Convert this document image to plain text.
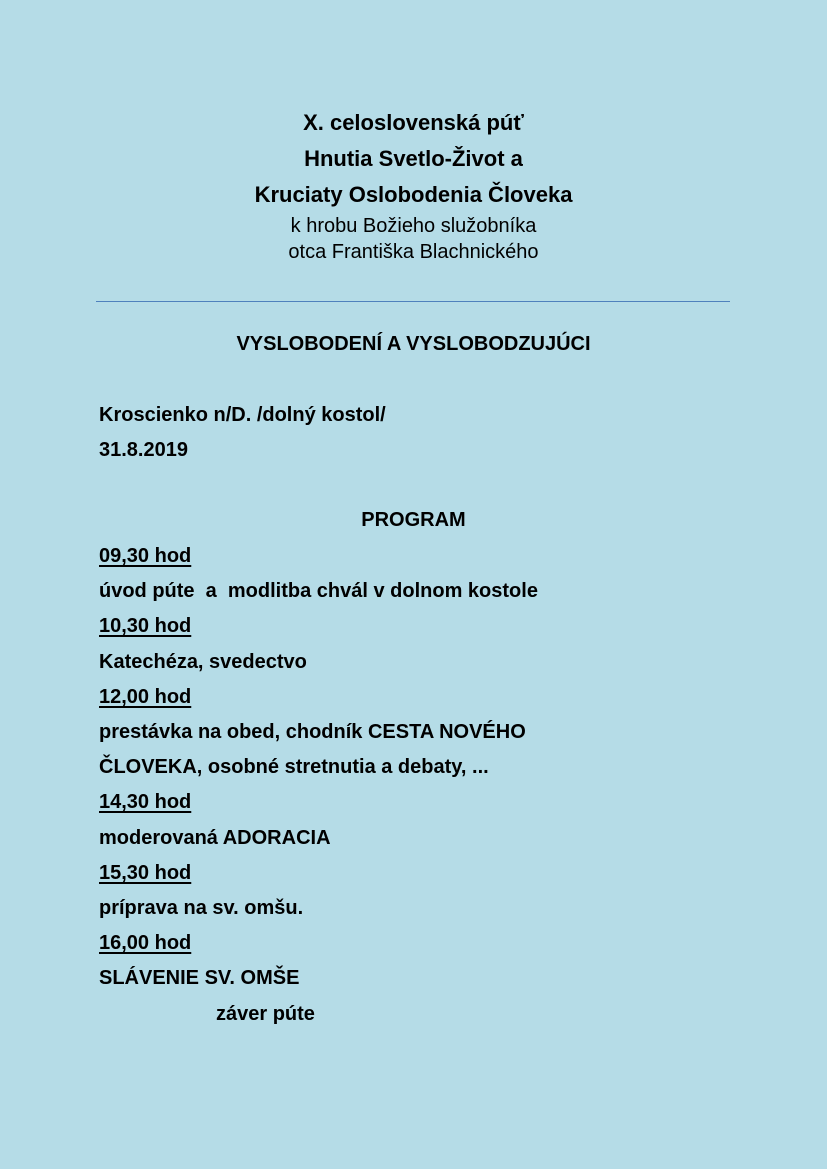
X. celoslovenská púť

Hnutia Svetlo-Život a

Kruciaty Oslobodenia Človeka

k hrobu Božieho služobníka

otca Františka Blachnického

VYSLOBODENÍ A VYSLOBODZUJÚCI

Kroscienko n/D. /dolný kostol/
31.8.2019
PROGRAM
09,30 hod
úvod púte  a  modlitba chvál v dolnom kostole
10,30 hod
Katechéza, svedectvo
12,00 hod
prestávka na obed, chodník CESTA NOVÉHO
ČLOVEKA, osobné stretnutia a debaty, ...
14,30 hod
moderovaná ADORACIA
15,30 hod
príprava na sv. omšu.
16,00 hod
SLÁVENIE SV. OMŠE
záver púte
